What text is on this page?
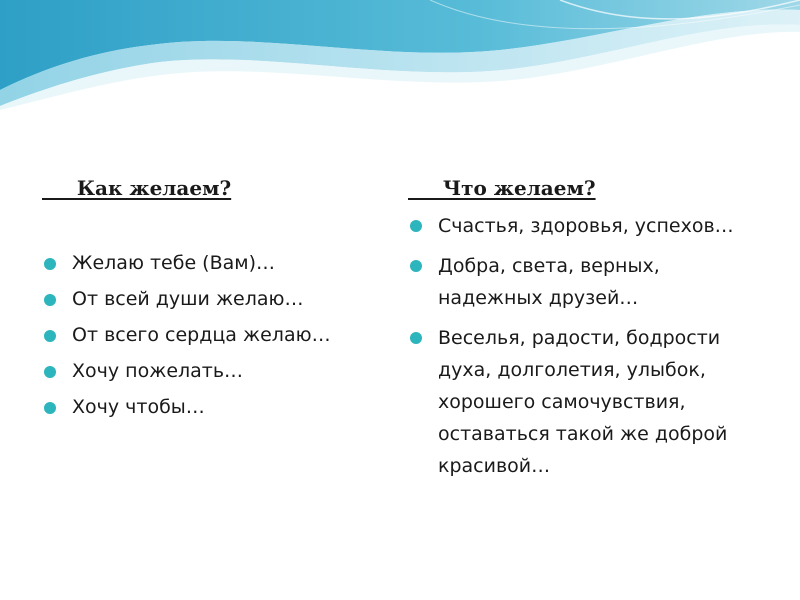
Как желаем?
Желаю тебе (Вам)…
От всей души желаю…
От всего сердца желаю…
Хочу пожелать…
Хочу чтобы…
Что желаем?
Счастья, здоровья, успехов…
Добра, света, верных, надежных друзей…
Веселья, радости, бодрости духа, долголетия, улыбок, хорошего самочувствия, оставаться такой же доброй красивой…
